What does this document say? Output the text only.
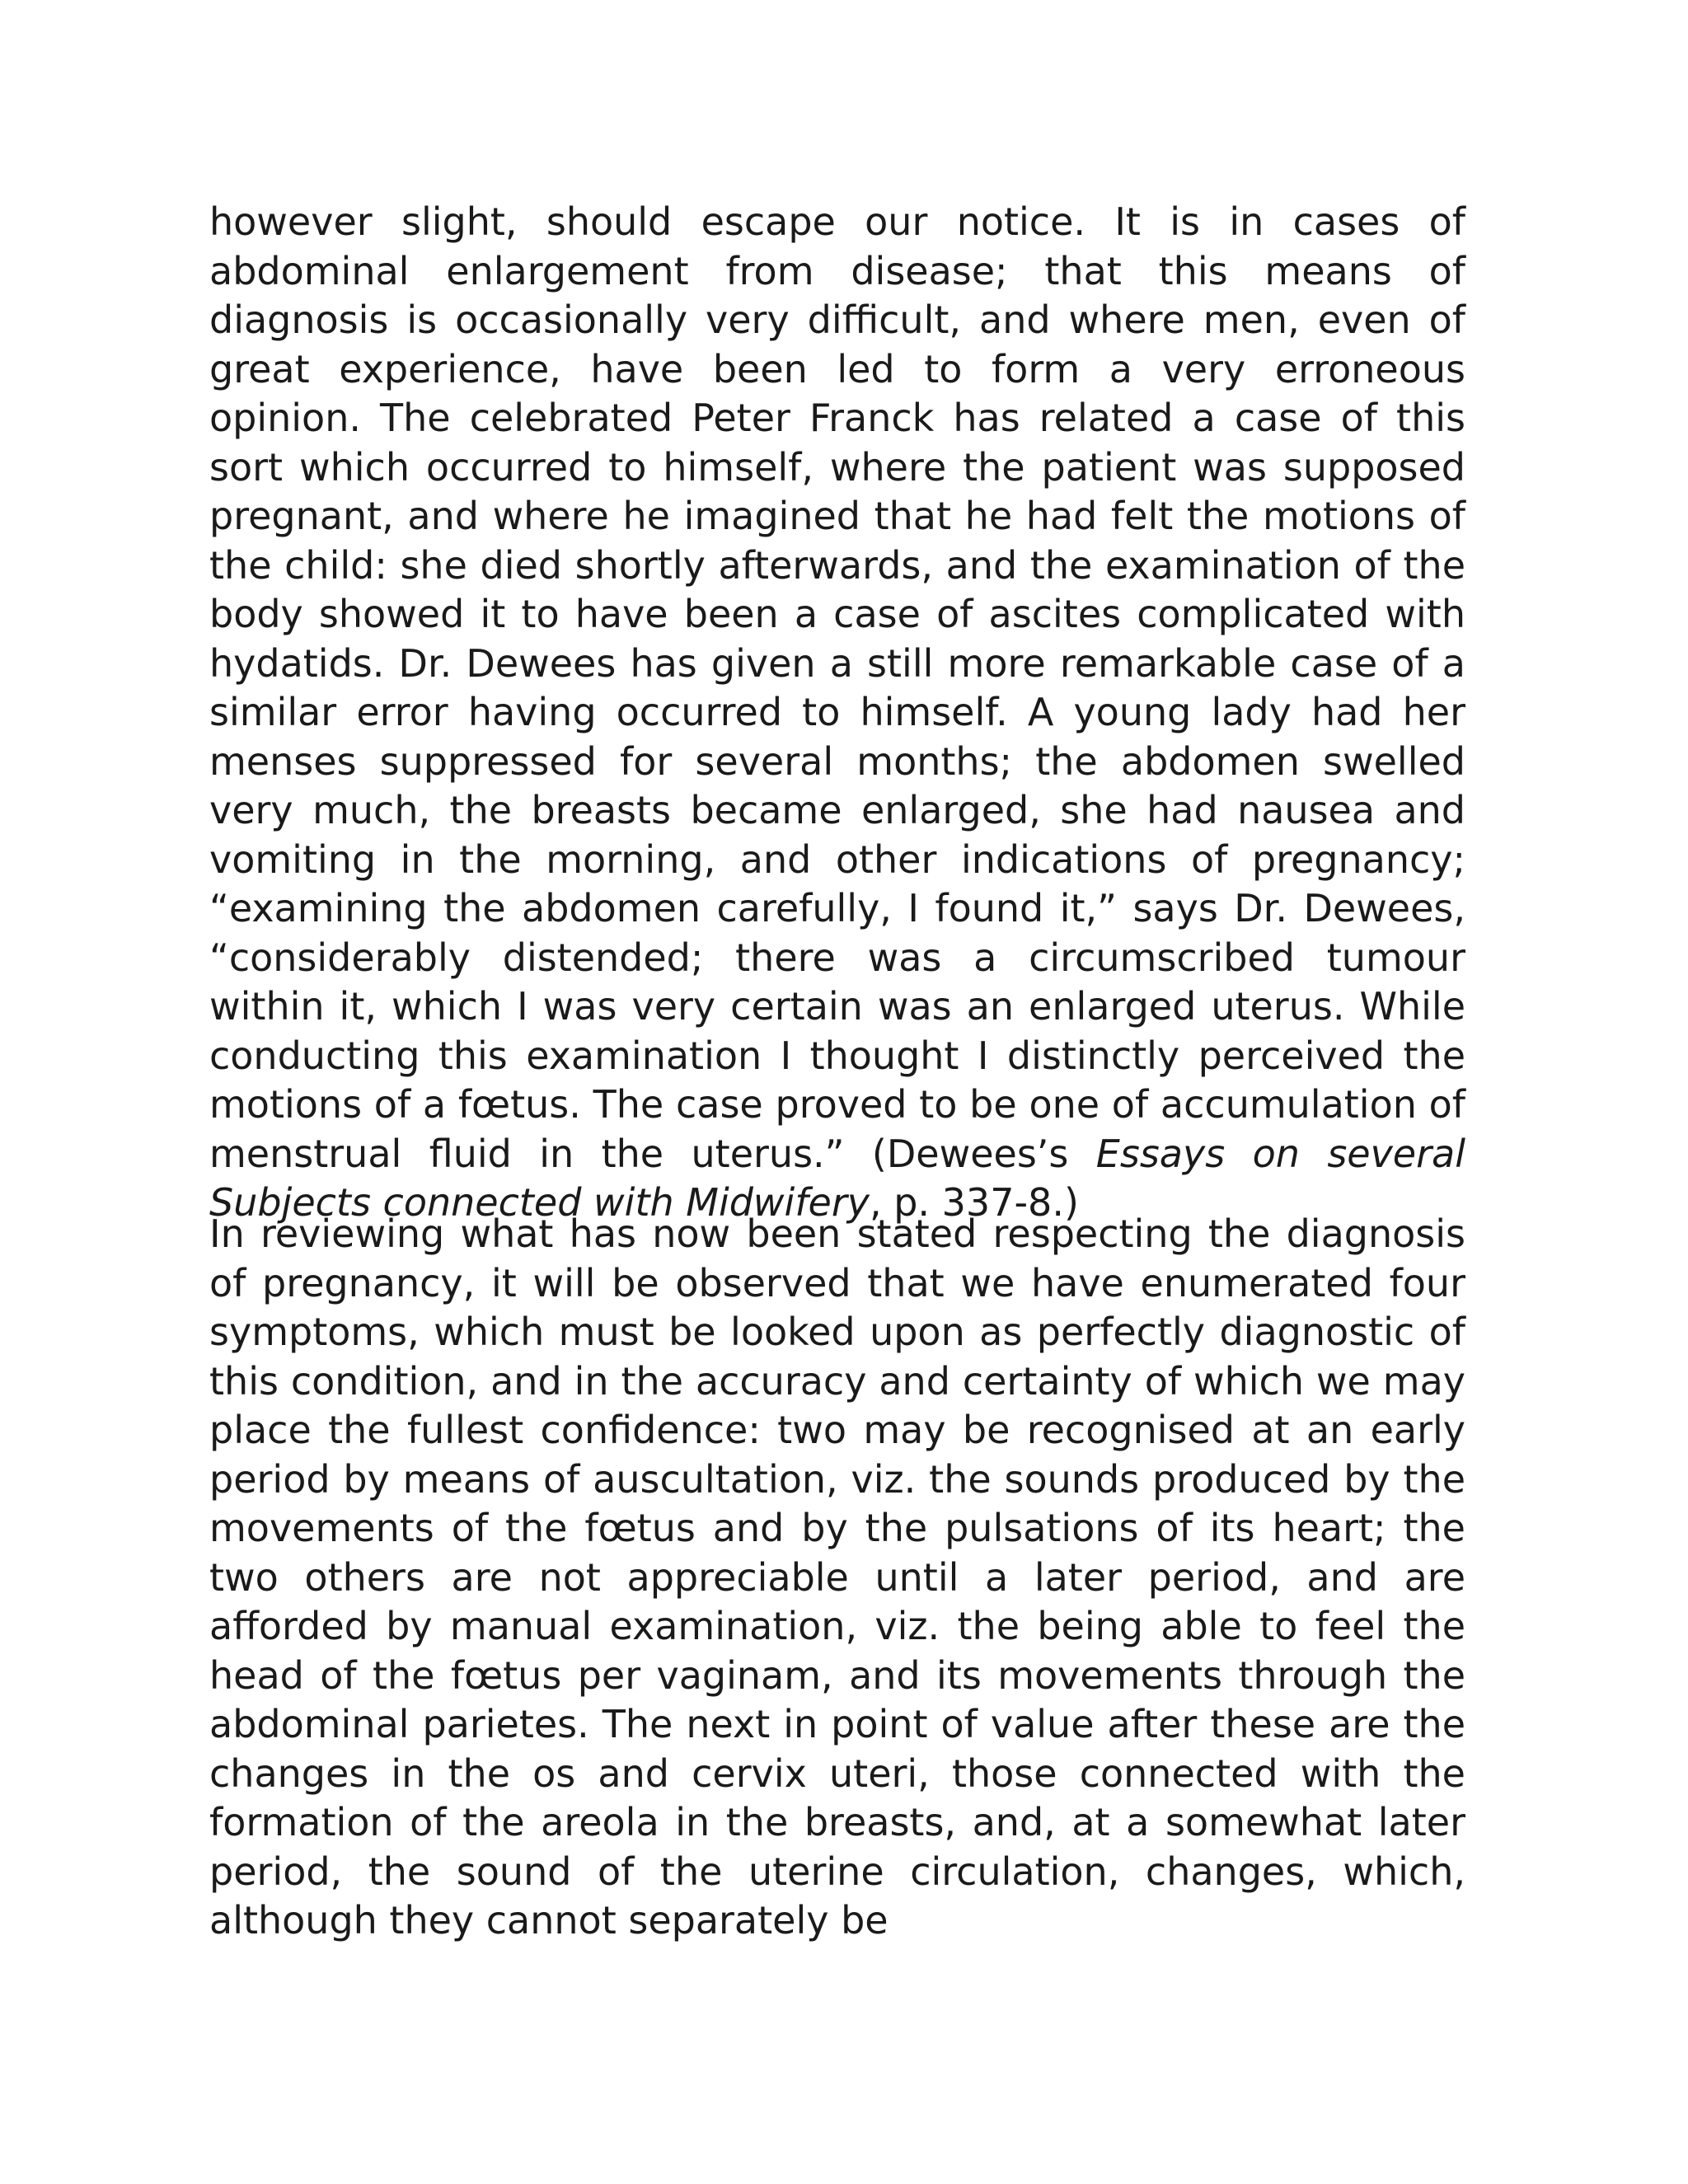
however slight, should escape our notice. It is in cases of abdominal enlargement from disease; that this means of diagnosis is occasionally very difficult, and where men, even of great experience, have been led to form a very erroneous opinion. The celebrated Peter Franck has related a case of this sort which occurred to himself, where the patient was supposed pregnant, and where he imagined that he had felt the motions of the child: she died shortly afterwards, and the examination of the body showed it to have been a case of ascites complicated with hydatids. Dr. Dewees has given a still more remarkable case of a similar error having occurred to himself. A young lady had her menses suppressed for several months; the abdomen swelled very much, the breasts became enlarged, she had nausea and vomiting in the morning, and other indications of pregnancy; “examining the abdomen carefully, I found it,” says Dr. Dewees, “considerably distended; there was a circumscribed tumour within it, which I was very certain was an enlarged uterus. While conducting this examination I thought I distinctly perceived the motions of a fœtus. The case proved to be one of accumulation of menstrual fluid in the uterus.” (Dewees’s Essays on several Subjects connected with Midwifery, p. 337-8.)

In reviewing what has now been stated respecting the diagnosis of pregnancy, it will be observed that we have enumerated four symptoms, which must be looked upon as perfectly diagnostic of this condition, and in the accuracy and certainty of which we may place the fullest confidence: two may be recognised at an early period by means of auscultation, viz. the sounds produced by the movements of the fœtus and by the pulsations of its heart; the two others are not appreciable until a later period, and are afforded by manual examination, viz. the being able to feel the head of the fœtus per vaginam, and its movements through the abdominal parietes. The next in point of value after these are the changes in the os and cervix uteri, those connected with the formation of the areola in the breasts, and, at a somewhat later period, the sound of the uterine circulation, changes, which, although they cannot separately be
